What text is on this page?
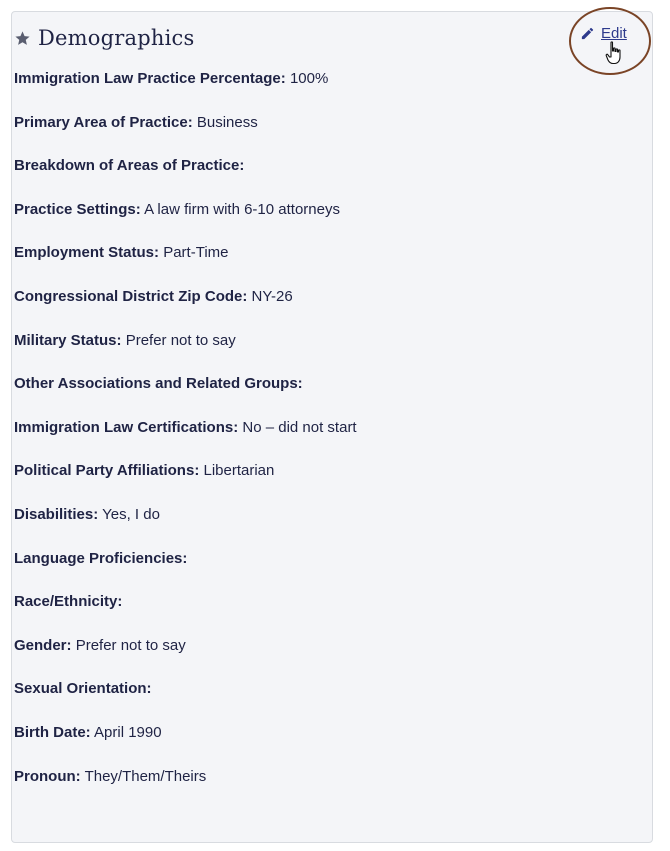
Demographics	Edit
Immigration Law Practice Percentage: 100%
Primary Area of Practice: Business
Breakdown of Areas of Practice:
Practice Settings: A law firm with 6-10 attorneys
Employment Status: Part-Time
Congressional District Zip Code: NY-26
Military Status: Prefer not to say
Other Associations and Related Groups:
Immigration Law Certifications: No – did not start
Political Party Affiliations: Libertarian
Disabilities: Yes, I do
Language Proficiencies:
Race/Ethnicity:
Gender: Prefer not to say
Sexual Orientation:
Birth Date: April 1990
Pronoun: They/Them/Theirs
